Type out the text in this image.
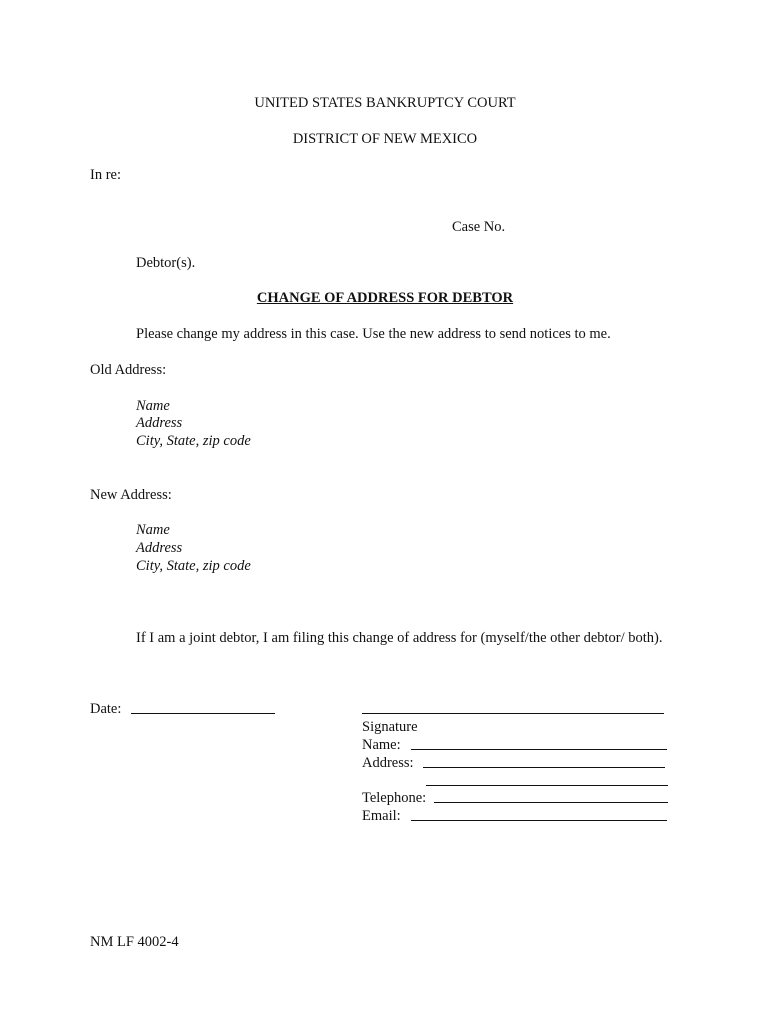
UNITED STATES BANKRUPTCY COURT
DISTRICT OF NEW MEXICO
In re:
Case No.
Debtor(s).
CHANGE OF ADDRESS FOR DEBTOR
Please change my address in this case. Use the new address to send notices to me.
Old Address:
Name
Address
City, State, zip code
New Address:
Name
Address
City, State, zip code
If I am a joint debtor, I am filing this change of address for (myself/the other debtor/ both).
Date:
Signature
Name:
Address:
Telephone:
Email:
NM LF 4002-4
